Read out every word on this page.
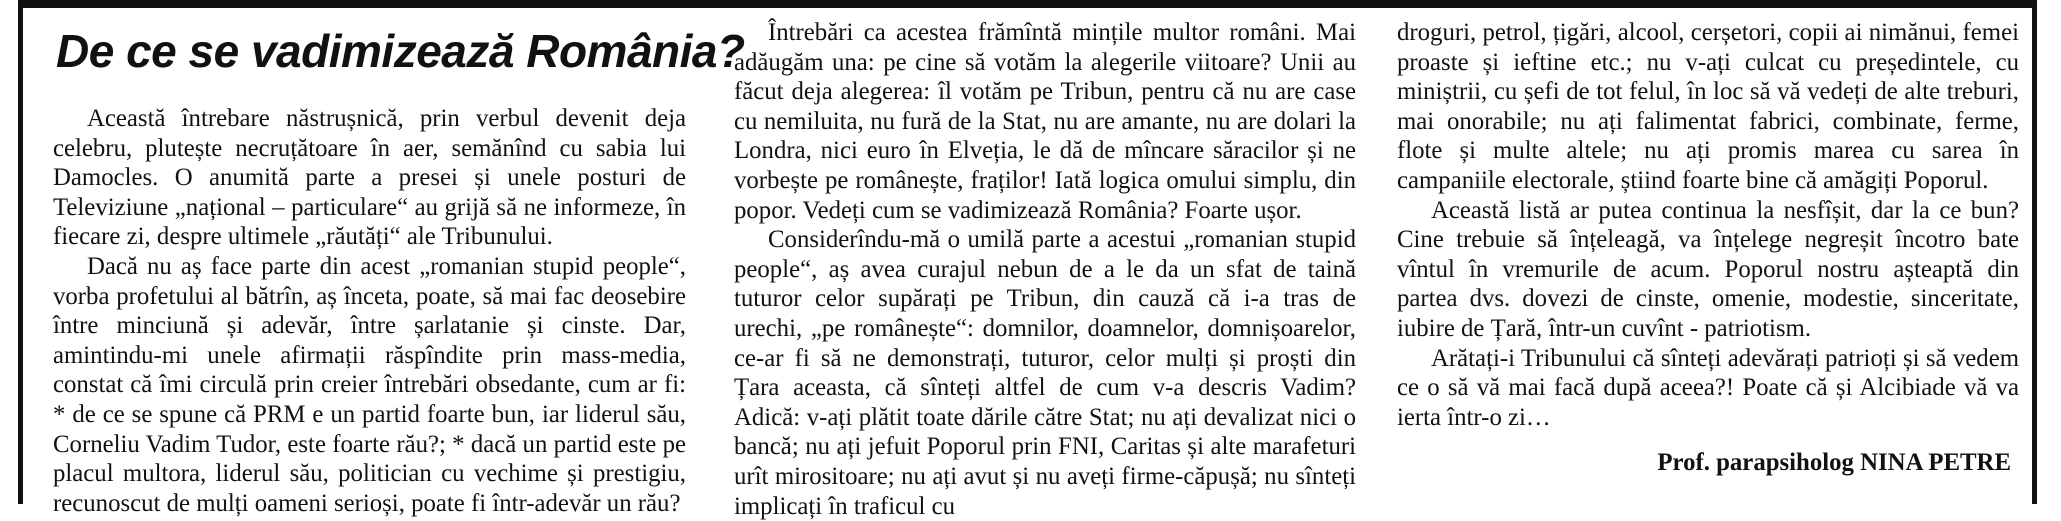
De ce se vadimizează România?

Această întrebare năstrușnică, prin verbul devenit deja celebru, plutește necruțătoare în aer, semănînd cu sabia lui Damocles. O anumită parte a presei și unele posturi de Televiziune „național – particulare“ au grijă să ne informeze, în fiecare zi, despre ultimele „răutăți“ ale Tribunului.

Dacă nu aș face parte din acest „romanian stupid people“, vorba profetului al bătrîn, aș înceta, poate, să mai fac deosebire între minciună și adevăr, între șarlatanie și cinste. Dar, amintindu-mi unele afirmații răspîndite prin mass-media, constat că îmi circulă prin creier întrebări obsedante, cum ar fi: * de ce se spune că PRM e un partid foarte bun, iar liderul său, Corneliu Vadim Tudor, este foarte rău?; * dacă un partid este pe placul multora, liderul său, politician cu vechime și prestigiu, recunoscut de mulți oameni serioși, poate fi într-adevăr un rău?

Întrebări ca acestea frămîntă mințile multor români. Mai adăugăm una: pe cine să votăm la alegerile viitoare? Unii au făcut deja alegerea: îl votăm pe Tribun, pentru că nu are case cu nemiluita, nu fură de la Stat, nu are amante, nu are dolari la Londra, nici euro în Elveția, le dă de mîncare săracilor și ne vorbește pe românește, fraților! Iată logica omului simplu, din popor. Vedeți cum se vadimizează România? Foarte ușor.

Considerîndu-mă o umilă parte a acestui „romanian stupid people“, aș avea curajul nebun de a le da un sfat de taină tuturor celor supărați pe Tribun, din cauză că i-a tras de urechi, „pe românește“: domnilor, doamnelor, domnișoarelor, ce-ar fi să ne demonstrați, tuturor, celor mulți și proști din Țara aceasta, că sînteți altfel de cum v-a descris Vadim? Adică: v-ați plătit toate dările către Stat; nu ați devalizat nici o bancă; nu ați jefuit Poporul prin FNI, Caritas și alte marafeturi urît mirositoare; nu ați avut și nu aveți firme-căpușă; nu sînteți implicați în traficul cu

droguri, petrol, țigări, alcool, cerșetori, copii ai nimănui, femei proaste și ieftine etc.; nu v-ați culcat cu președintele, cu miniștrii, cu șefi de tot felul, în loc să vă vedeți de alte treburi, mai onorabile; nu ați falimentat fabrici, combinate, ferme, flote și multe altele; nu ați promis marea cu sarea în campaniile electorale, știind foarte bine că amăgiți Poporul.

Această listă ar putea continua la nesfîșit, dar la ce bun? Cine trebuie să înțeleagă, va înțelege negreșit încotro bate vîntul în vremurile de acum. Poporul nostru așteaptă din partea dvs. dovezi de cinste, omenie, modestie, sinceritate, iubire de Țară, într-un cuvînt - patriotism.

Arătați-i Tribunului că sînteți adevărați patrioți și să vedem ce o să vă mai facă după aceea?! Poate că și Alcibiade vă va ierta într-o zi…

Prof. parapsiholog NINA PETRE
